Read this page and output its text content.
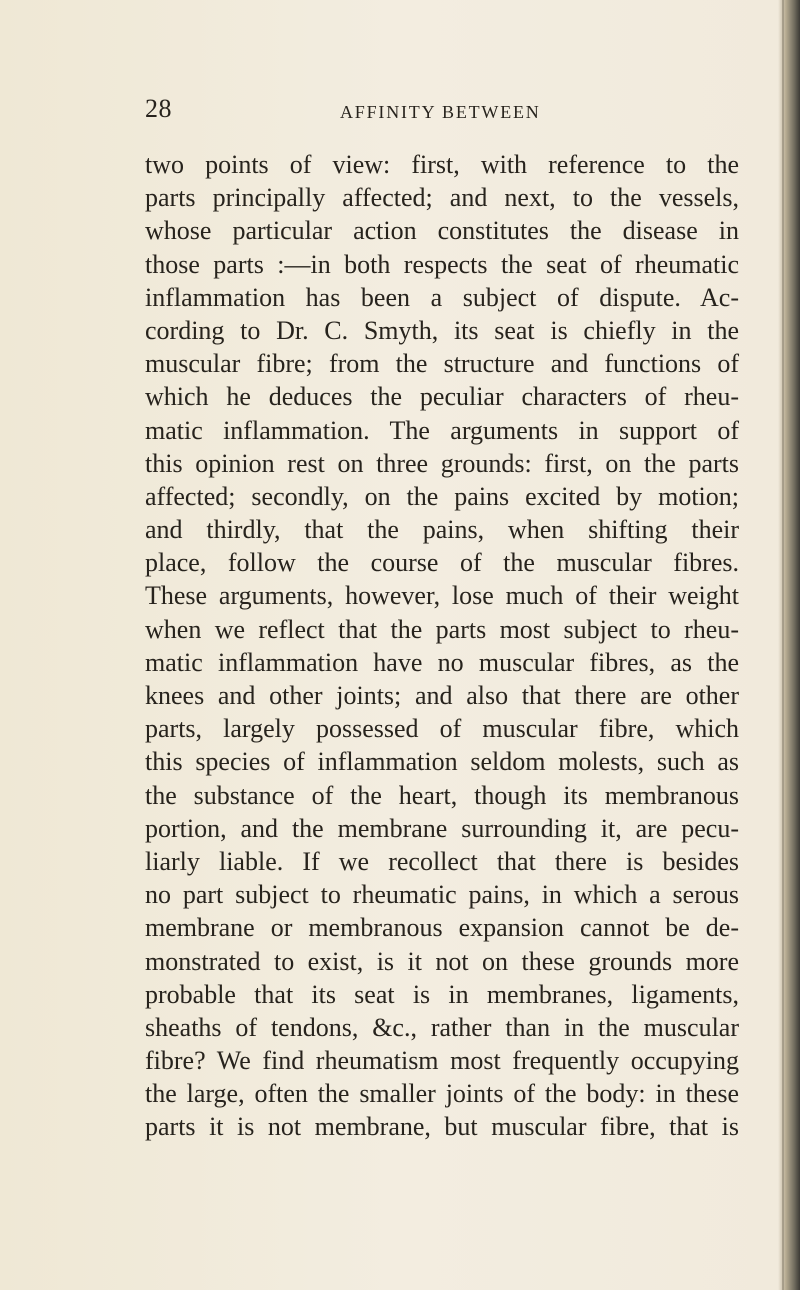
28	AFFINITY BETWEEN
two points of view: first, with reference to the
parts principally affected; and next, to the vessels,
whose particular action constitutes the disease in
those parts :—in both respects the seat of rheumatic
inflammation has been a subject of dispute. Ac-
cording to Dr. C. Smyth, its seat is chiefly in the
muscular fibre; from the structure and functions of
which he deduces the peculiar characters of rheu-
matic inflammation. The arguments in support of
this opinion rest on three grounds: first, on the parts
affected; secondly, on the pains excited by motion;
and thirdly, that the pains, when shifting their
place, follow the course of the muscular fibres.
These arguments, however, lose much of their weight
when we reflect that the parts most subject to rheu-
matic inflammation have no muscular fibres, as the
knees and other joints; and also that there are other
parts, largely possessed of muscular fibre, which
this species of inflammation seldom molests, such as
the substance of the heart, though its membranous
portion, and the membrane surrounding it, are pecu-
liarly liable. If we recollect that there is besides
no part subject to rheumatic pains, in which a serous
membrane or membranous expansion cannot be de-
monstrated to exist, is it not on these grounds more
probable that its seat is in membranes, ligaments,
sheaths of tendons, &c., rather than in the muscular
fibre? We find rheumatism most frequently occupying
the large, often the smaller joints of the body: in these
parts it is not membrane, but muscular fibre, that is
